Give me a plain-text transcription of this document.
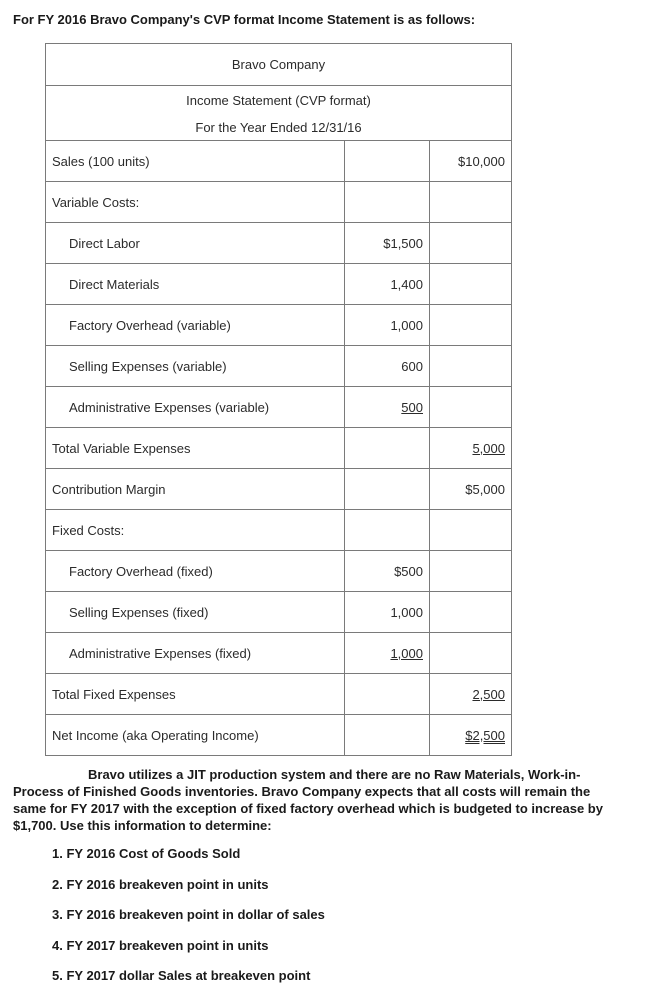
For FY 2016 Bravo Company's CVP format Income Statement is as follows:
Bravo Company		

Income Statement (CVP format)
For the Year Ended 12/31/16		

Sales (100 units)		$10,000
Variable Costs:		
Direct Labor	$1,500	
Direct Materials	1,400	
Factory Overhead (variable)	1,000	
Selling Expenses (variable)	600	
Administrative Expenses (variable)	500	
Total Variable Expenses		5,000
Contribution Margin		$5,000
Fixed Costs:		
Factory Overhead (fixed)	$500	
Selling Expenses (fixed)	1,000	
Administrative Expenses (fixed)	1,000	
Total Fixed Expenses		2,500
Net Income (aka Operating Income)		$2,500
Bravo utilizes a JIT production system and there are no Raw Materials, Work-in-Process of Finished Goods inventories. Bravo Company expects that all costs will remain the same for FY 2017 with the exception of fixed factory overhead which is budgeted to increase by $1,700. Use this information to determine:
1. FY 2016 Cost of Goods Sold
2. FY 2016 breakeven point in units
3. FY 2016 breakeven point in dollar of sales
4. FY 2017 breakeven point in units
5. FY 2017 dollar Sales at breakeven point
